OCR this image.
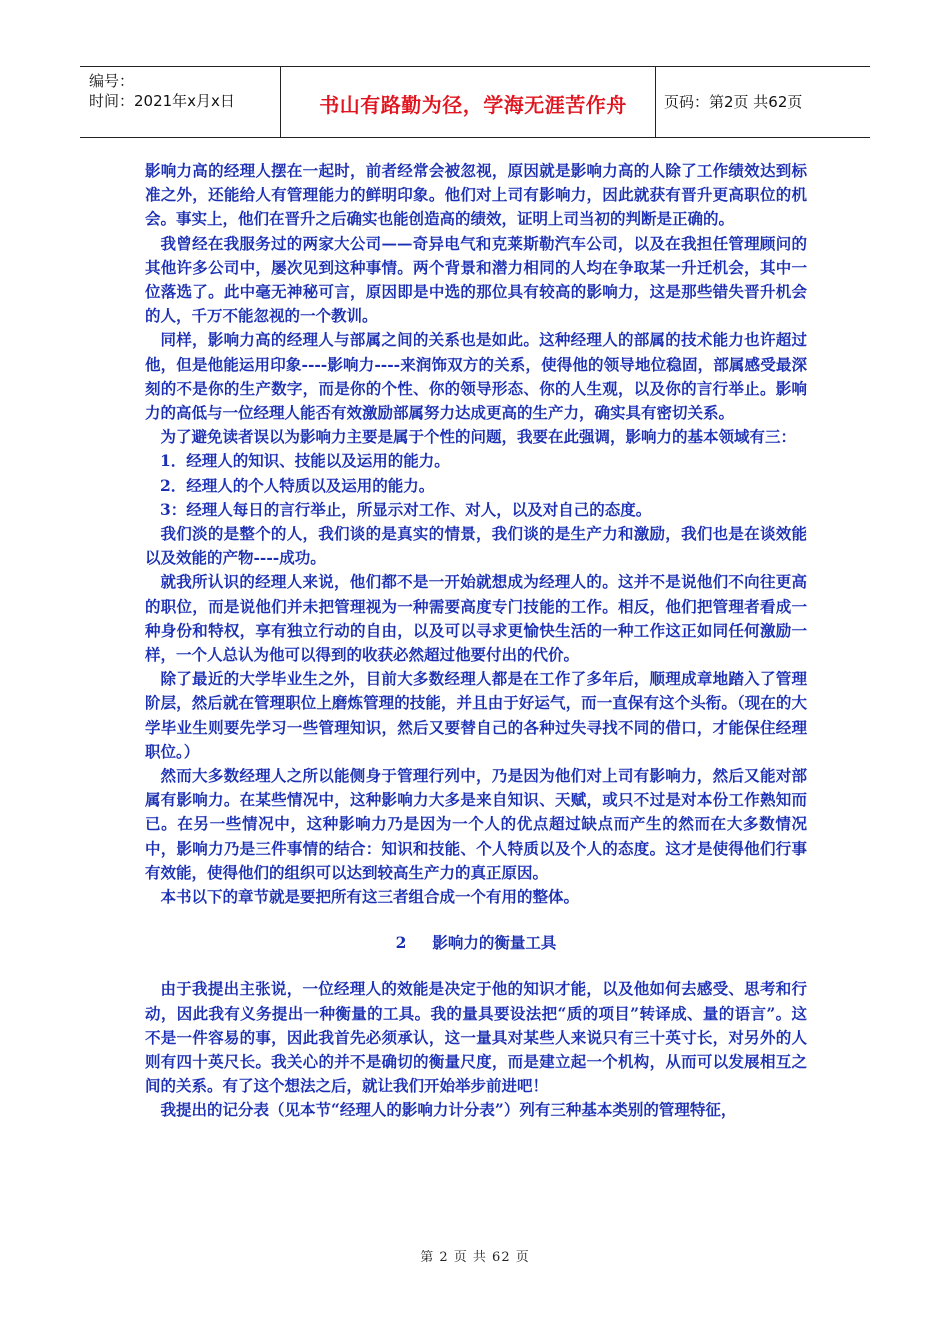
编号：
时间：2021年x月x日	书山有路勤为径，学海无涯苦作舟	页码：第2页 共62页

影响力高的经理人摆在一起时，前者经常会被忽视，原因就是影响力高的人除了工作绩效达到标准之外，还能给人有管理能力的鲜明印象。他们对上司有影响力，因此就获有晋升更高职位的机会。事实上，他们在晋升之后确实也能创造高的绩效，证明上司当初的判断是正确的。

我曾经在我服务过的两家大公司——奇异电气和克莱斯勒汽车公司，以及在我担任管理顾问的其他许多公司中，屡次见到这种事情。两个背景和潜力相同的人均在争取某一升迁机会，其中一位落选了。此中毫无神秘可言，原因即是中选的那位具有较高的影响力，这是那些错失晋升机会的人，千万不能忽视的一个教训。

同样，影响力高的经理人与部属之间的关系也是如此。这种经理人的部属的技术能力也许超过他，但是他能运用印象----影响力----来润饰双方的关系，使得他的领导地位稳固，部属感受最深刻的不是你的生产数字，而是你的个性、你的领导形态、你的人生观，以及你的言行举止。影响力的高低与一位经理人能否有效激励部属努力达成更高的生产力，确实具有密切关系。

为了避免读者误以为影响力主要是属于个性的问题，我要在此强调，影响力的基本领域有三：

1．经理人的知识、技能以及运用的能力。

2．经理人的个人特质以及运用的能力。

3：经理人每日的言行举止，所显示对工作、对人，以及对自己的态度。

我们淡的是整个的人，我们谈的是真实的情景，我们谈的是生产力和激励，我们也是在谈效能以及效能的产物----成功。

就我所认识的经理人来说，他们都不是一开始就想成为经理人的。这并不是说他们不向往更高的职位，而是说他们并未把管理视为一种需要高度专门技能的工作。相反，他们把管理者看成一种身份和特权，享有独立行动的自由，以及可以寻求更愉快生活的一种工作这正如同任何激励一样，一个人总认为他可以得到的收获必然超过他要付出的代价。

除了最近的大学毕业生之外，目前大多数经理人都是在工作了多年后，顺理成章地踏入了管理阶层，然后就在管理职位上磨炼管理的技能，并且由于好运气，而一直保有这个头衔。（现在的大学毕业生则要先学习一些管理知识，然后又要替自己的各种过失寻找不同的借口，才能保住经理职位。）

然而大多数经理人之所以能侧身于管理行列中，乃是因为他们对上司有影响力，然后又能对部属有影响力。在某些情况中，这种影响力大多是来自知识、天赋，或只不过是对本份工作熟知而已。在另一些情况中，这种影响力乃是因为一个人的优点超过缺点而产生的然而在大多数情况中，影响力乃是三件事情的结合：知识和技能、个人特质以及个人的态度。这才是使得他们行事有效能，使得他们的组织可以达到较高生产力的真正原因。

本书以下的章节就是要把所有这三者组合成一个有用的整体。

2 影响力的衡量工具

由于我提出主张说，一位经理人的效能是决定于他的知识才能，以及他如何去感受、思考和行动，因此我有义务提出一种衡量的工具。我的量具要设法把“质的项目”转译成、量的语言”。这不是一件容易的事，因此我首先必须承认，这一量具对某些人来说只有三十英寸长，对另外的人则有四十英尺长。我关心的并不是确切的衡量尺度，而是建立起一个机构，从而可以发展相互之间的关系。有了这个想法之后，就让我们开始举步前进吧！

我提出的记分表（见本节“经理人的影响力计分表”）列有三种基本类别的管理特征，

第 2 页 共 62 页
